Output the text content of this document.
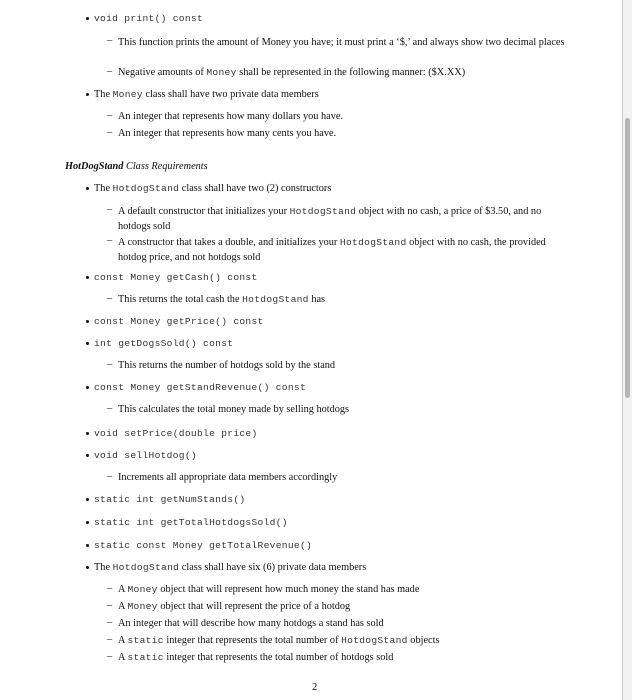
void print() const
– This function prints the amount of Money you have; it must print a ‘$,’ and always show two decimal places
– Negative amounts of Money shall be represented in the following manner: ($X.XX)
The Money class shall have two private data members
– An integer that represents how many dollars you have.
– An integer that represents how many cents you have.
HotDogStand Class Requirements
The HotdogStand class shall have two (2) constructors
– A default constructor that initializes your HotdogStand object with no cash, a price of $3.50, and no hotdogs sold
– A constructor that takes a double, and initializes your HotdogStand object with no cash, the provided hotdog price, and not hotdogs sold
const Money getCash() const
– This returns the total cash the HotdogStand has
const Money getPrice() const
int getDogsSold() const
– This returns the number of hotdogs sold by the stand
const Money getStandRevenue() const
– This calculates the total money made by selling hotdogs
void setPrice(double price)
void sellHotdog()
– Increments all appropriate data members accordingly
static int getNumStands()
static int getTotalHotdogsSold()
static const Money getTotalRevenue()
The HotdogStand class shall have six (6) private data members
– A Money object that will represent how much money the stand has made
– A Money object that will represent the price of a hotdog
– An integer that will describe how many hotdogs a stand has sold
– A static integer that represents the total number of HotdogStand objects
– A static integer that represents the total number of hotdogs sold
2
